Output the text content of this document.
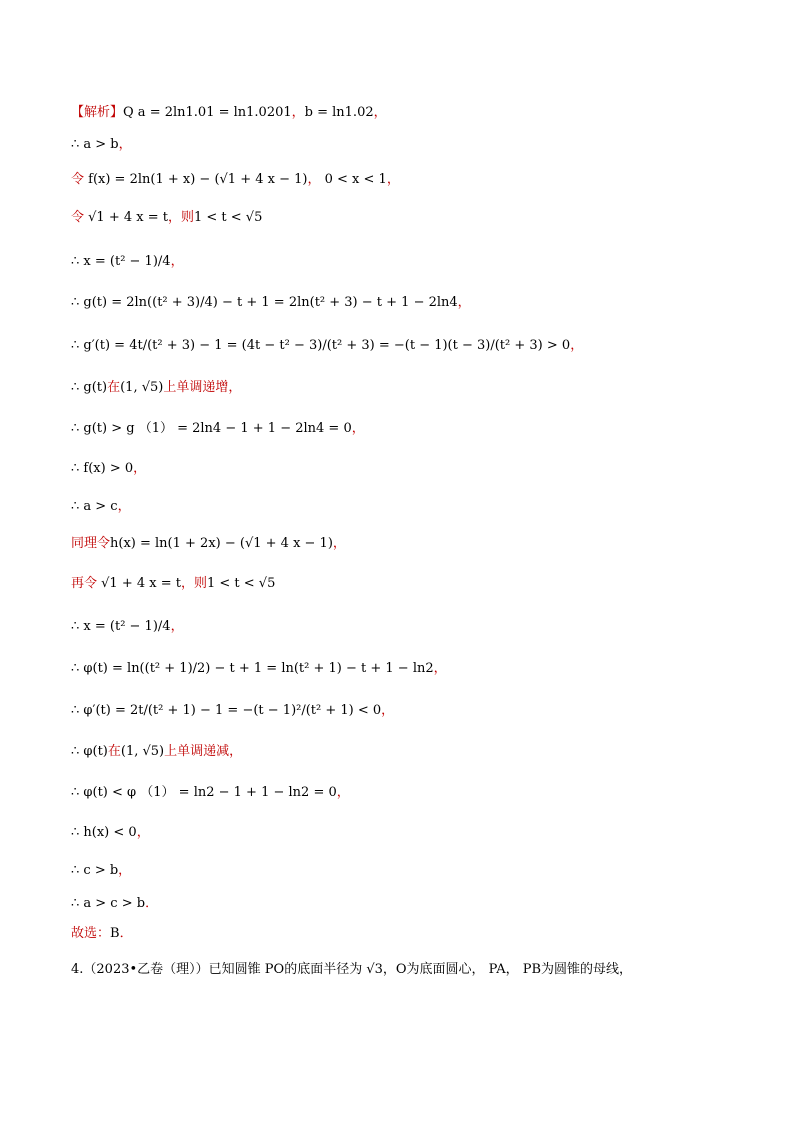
【解析】Q a = 2ln1.01 = ln1.0201，b = ln1.02，
∴ a > b，
令 f(x) = 2ln(1 + x) − (√1 + 4 x − 1)， 0 < x < 1，
令 √1 + 4 x = t，则1 < t < √5
∴ x = (t² − 1)/4，
∴ g(t) = 2ln((t² + 3)/4) − t + 1 = 2ln(t² + 3) − t + 1 − 2ln4，
∴ g′(t) = 4t/(t² + 3) − 1 = (4t − t² − 3)/(t² + 3) = −(t − 1)(t − 3)/(t² + 3) > 0，
∴ g(t)在(1, √5)上单调递增，
∴ g(t) > g （1） = 2ln4 − 1 + 1 − 2ln4 = 0，
∴ f(x) > 0，
∴ a > c，
同理令h(x) = ln(1 + 2x) − (√1 + 4 x − 1)，
再令 √1 + 4 x = t，则1 < t < √5
∴ x = (t² − 1)/4，
∴ φ(t) = ln((t² + 1)/2) − t + 1 = ln(t² + 1) − t + 1 − ln2，
∴ φ′(t) = 2t/(t² + 1) − 1 = −(t − 1)²/(t² + 1) < 0，
∴ φ(t)在(1, √5)上单调递减，
∴ φ(t) < φ （1） = ln2 − 1 + 1 − ln2 = 0，
∴ h(x) < 0，
∴ c > b，
∴ a > c > b．
故选：B．
4.（2023•乙卷（理））已知圆锥 PO的底面半径为 √3，O为底面圆心， PA， PB为圆锥的母线，
